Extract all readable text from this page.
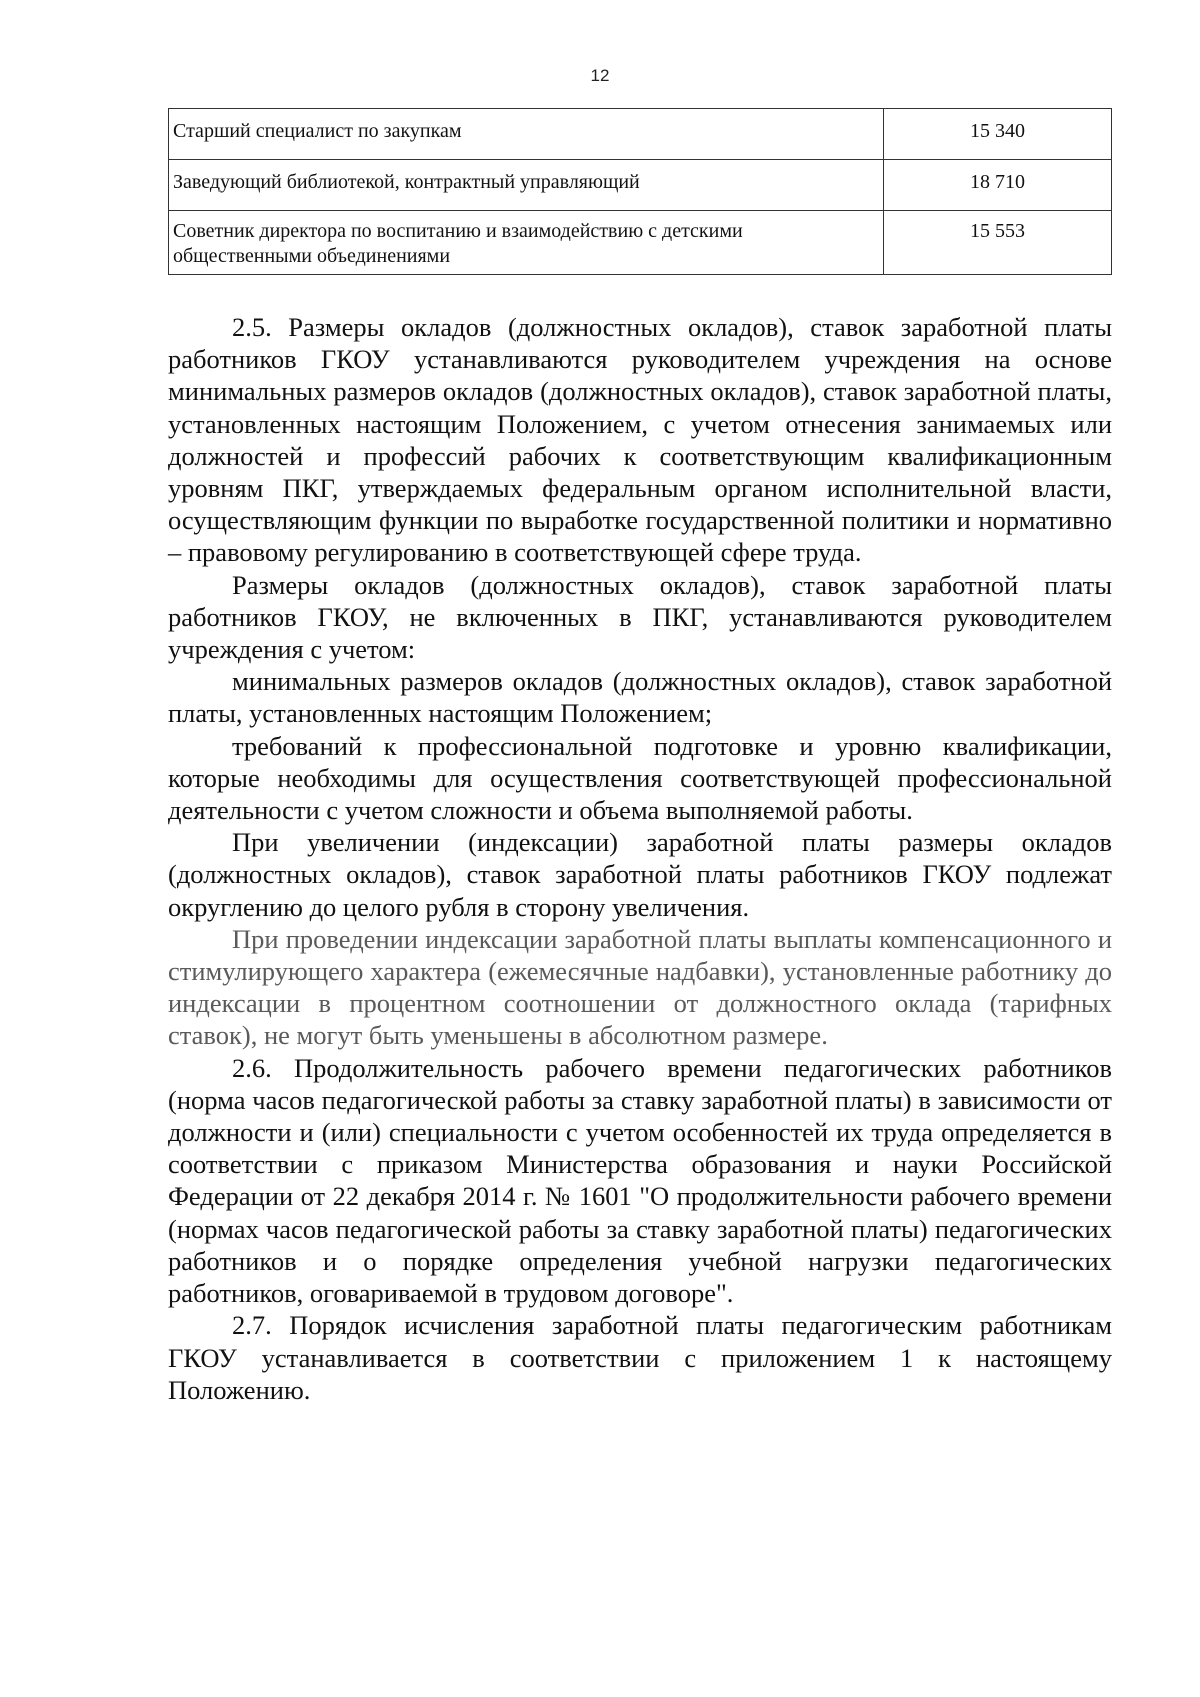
12
Старший специалист по закупкам	15 340
Заведующий библиотекой, контрактный управляющий	18 710
Советник директора по воспитанию и взаимодействию с детскими общественными объединениями	15 553

2.5. Размеры окладов (должностных окладов), ставок заработной платы работников ГКОУ устанавливаются руководителем учреждения на основе минимальных размеров окладов (должностных окладов), ставок заработной платы, установленных настоящим Положением, с учетом отнесения занимаемых или должностей и профессий рабочих к соответствующим квалификационным уровням ПКГ, утверждаемых федеральным органом исполнительной власти, осуществляющим функции по выработке государственной политики и нормативно – правовому регулированию в соответствующей сфере труда.

Размеры окладов (должностных окладов), ставок заработной платы работников ГКОУ, не включенных в ПКГ, устанавливаются руководителем учреждения с учетом:

минимальных размеров окладов (должностных окладов), ставок заработной платы, установленных настоящим Положением;

требований к профессиональной подготовке и уровню квалификации, которые необходимы для осуществления соответствующей профессиональной деятельности с учетом сложности и объема выполняемой работы.

При увеличении (индексации) заработной платы размеры окладов (должностных окладов), ставок заработной платы работников ГКОУ подлежат округлению до целого рубля в сторону увеличения.

При проведении индексации заработной платы выплаты компенсационного и стимулирующего характера (ежемесячные надбавки), установленные работнику до индексации в процентном соотношении от должностного оклада (тарифных ставок), не могут быть уменьшены в абсолютном размере.

2.6. Продолжительность рабочего времени педагогических работников (норма часов педагогической работы за ставку заработной платы) в зависимости от должности и (или) специальности с учетом особенностей их труда определяется в соответствии с приказом Министерства образования и науки Российской Федерации от 22 декабря 2014 г. № 1601 "О продолжительности рабочего времени (нормах часов педагогической работы за ставку заработной платы) педагогических работников и о порядке определения учебной нагрузки педагогических работников, оговариваемой в трудовом договоре".

2.7. Порядок исчисления заработной платы педагогическим работникам ГКОУ устанавливается в соответствии с приложением 1 к настоящему Положению.
